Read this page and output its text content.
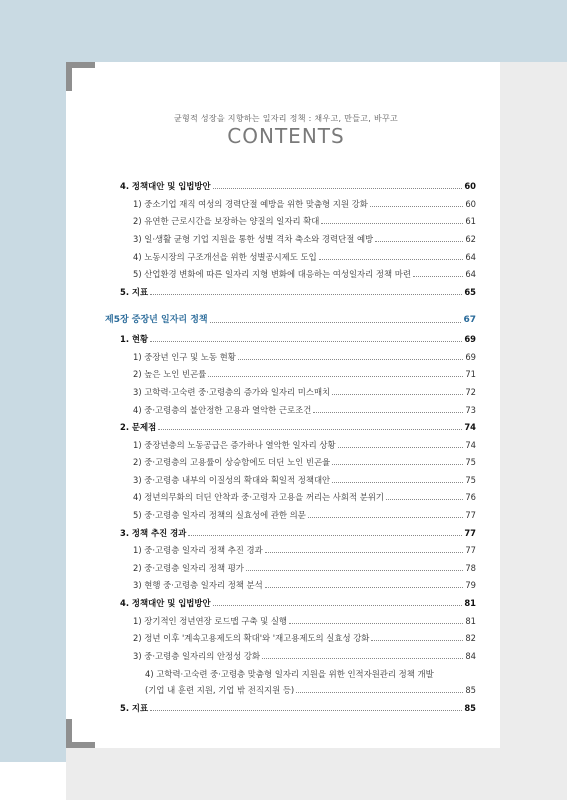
균형적 성장을 지향하는 일자리 정책 : 채우고, 만들고, 바꾸고
CONTENTS
4. 정책대안 및 입법방안	60
1) 중소기업 재직 여성의 경력단절 예방을 위한 맞춤형 지원 강화	60
2) 유연한 근로시간을 보장하는 양질의 일자리 확대	61
3) 일·생활 균형 기업 지원을 통한 성별 격차 축소와 경력단절 예방	62
4) 노동시장의 구조개선을 위한 성별공시제도 도입	64
5) 산업환경 변화에 따른 일자리 지형 변화에 대응하는 여성일자리 정책 마련	64
5. 지표	65
제5장 중장년 일자리 정책	67
1. 현황	69
1) 중장년 인구 및 노동 현황	69
2) 높은 노인 빈곤률	71
3) 고학력·고숙련 중·고령층의 증가와 일자리 미스매치	72
4) 중·고령층의 불안정한 고용과 열악한 근로조건	73
2. 문제점	74
1) 중장년층의 노동공급은 증가하나 열악한 일자리 상황	74
2) 중·고령층의 고용률이 상승함에도 더딘 노인 빈곤율	75
3) 중·고령층 내부의 이질성의 확대와 획일적 정책대안	75
4) 정년의무화의 더딘 안착과 중·고령자 고용을 꺼리는 사회적 분위기	76
5) 중·고령층 일자리 정책의 실효성에 관한 의문	77
3. 정책 추진 경과	77
1) 중·고령층 일자리 정책 추진 경과	77
2) 중·고령층 일자리 정책 평가	78
3) 현행 중·고령층 일자리 정책 분석	79
4. 정책대안 및 입법방안	81
1) 장기적인 정년연장 로드맵 구축 및 실행	81
2) 정년 이후 '계속고용제도의 확대'와 '재고용제도의 실효성 강화	82
3) 중·고령층 일자리의 안정성 강화	84
4) 고학력·고숙련 중·고령층 맞춤형 일자리 지원을 위한 인적자원관리 정책 개발
(기업 내 훈련 지원, 기업 밖 전직지원 등)	85
5. 지표	85
